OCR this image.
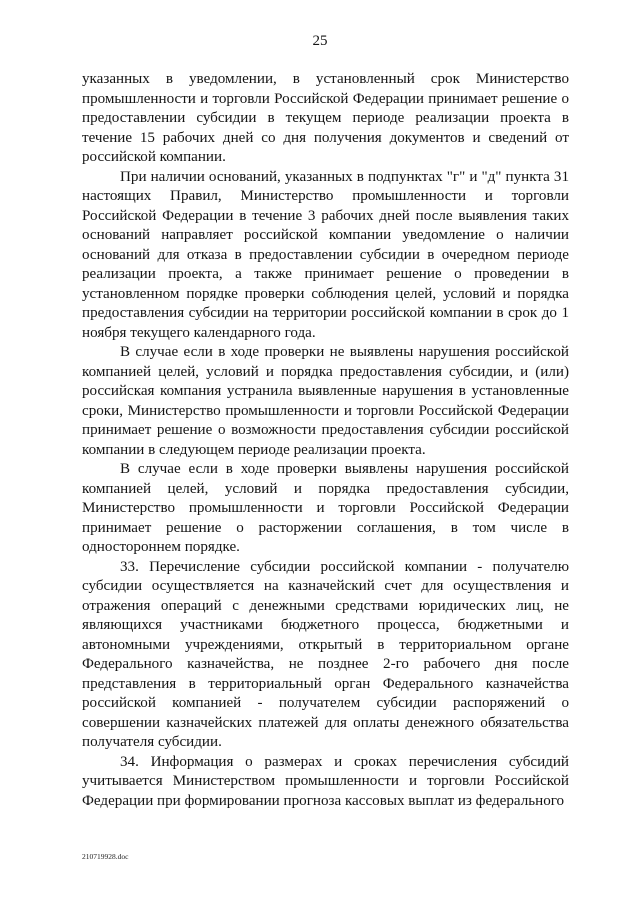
25

указанных в уведомлении, в установленный срок Министерство промышленности и торговли Российской Федерации принимает решение о предоставлении субсидии в текущем периоде реализации проекта в течение 15 рабочих дней со дня получения документов и сведений от российской компании.

При наличии оснований, указанных в подпунктах "г" и "д" пункта 31 настоящих Правил, Министерство промышленности и торговли Российской Федерации в течение 3 рабочих дней после выявления таких оснований направляет российской компании уведомление о наличии оснований для отказа в предоставлении субсидии в очередном периоде реализации проекта, а также принимает решение о проведении в установленном порядке проверки соблюдения целей, условий и порядка предоставления субсидии на территории российской компании в срок до 1 ноября текущего календарного года.

В случае если в ходе проверки не выявлены нарушения российской компанией целей, условий и порядка предоставления субсидии, и (или) российская компания устранила выявленные нарушения в установленные сроки, Министерство промышленности и торговли Российской Федерации принимает решение о возможности предоставления субсидии российской компании в следующем периоде реализации проекта.

В случае если в ходе проверки выявлены нарушения российской компанией целей, условий и порядка предоставления субсидии, Министерство промышленности и торговли Российской Федерации принимает решение о расторжении соглашения, в том числе в одностороннем порядке.

33. Перечисление субсидии российской компании - получателю субсидии осуществляется на казначейский счет для осуществления и отражения операций с денежными средствами юридических лиц, не являющихся участниками бюджетного процесса, бюджетными и автономными учреждениями, открытый в территориальном органе Федерального казначейства, не позднее 2-го рабочего дня после представления в территориальный орган Федерального казначейства российской компанией - получателем субсидии распоряжений о совершении казначейских платежей для оплаты денежного обязательства получателя субсидии.

34. Информация о размерах и сроках перечисления субсидий учитывается Министерством промышленности и торговли Российской Федерации при формировании прогноза кассовых выплат из федерального

210719928.doc
